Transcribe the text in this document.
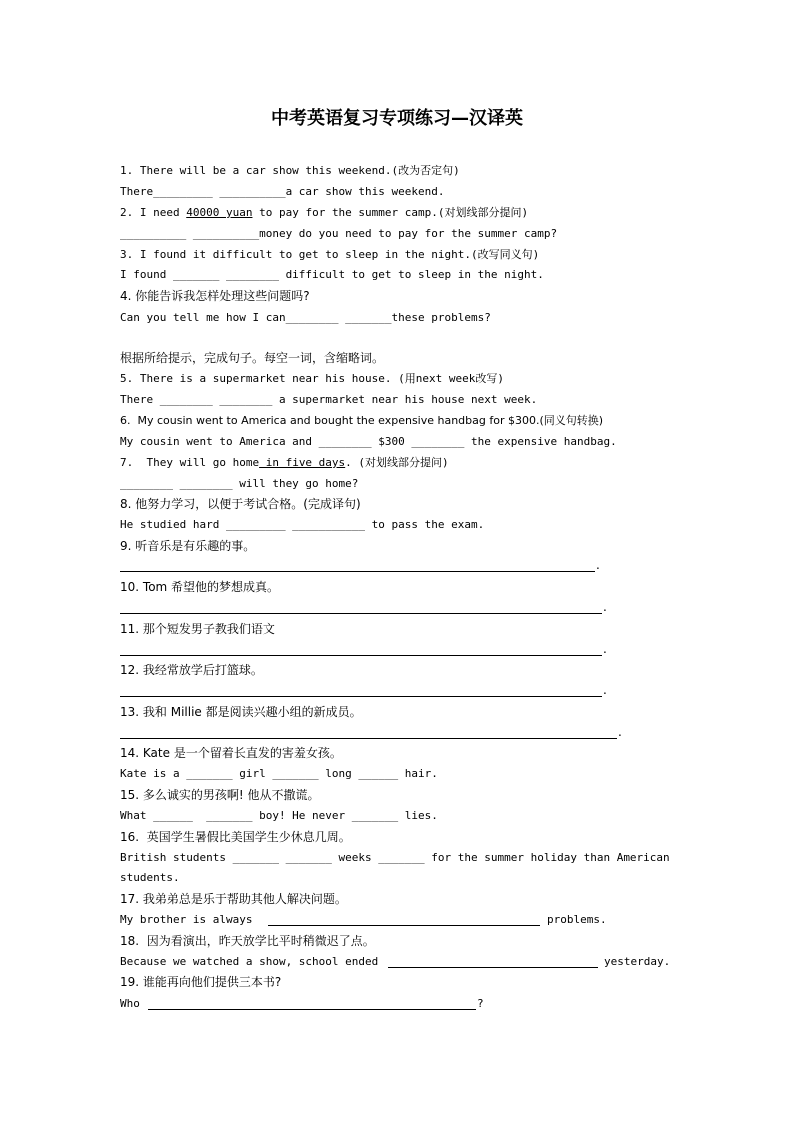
中考英语复习专项练习—汉译英
1. There will be a car show this weekend.(改为否定句)
There_________ __________a car show this weekend.
2. I need 40000 yuan to pay for the summer camp.(对划线部分提问)
__________ __________money do you need to pay for the summer camp?
3. I found it difficult to get to sleep in the night.(改写同义句)
I found _______ ________ difficult to get to sleep in the night.
4. 你能告诉我怎样处理这些问题吗?
Can you tell me how I can________ _______these problems?
根据所给提示，完成句子。每空一词，含缩略词。
5. There is a supermarket near his house. (用next week改写)
There ________ ________ a supermarket near his house next week.
6.  My cousin went to America and bought the expensive handbag for $300.(同义句转换)
My cousin went to America and ________ $300 ________ the expensive handbag.
7.  They will go home in five days. (对划线部分提问)
________ ________ will they go home?
8. 他努力学习，以便于考试合格。(完成译句)
He studied hard _________ ___________ to pass the exam.
9. 听音乐是有乐趣的事。
.
10. Tom 希望他的梦想成真。
.
11. 那个短发男子教我们语文
.
12. 我经常放学后打篮球。
.
13. 我和 Millie 都是阅读兴趣小组的新成员。
.
14. Kate 是一个留着长直发的害羞女孩。
Kate is a _______ girl _______ long ______ hair.
15. 多么诚实的男孩啊! 他从不撒谎。
What ______  _______ boy! He never _______ lies.
16.  英国学生暑假比美国学生少休息几周。
British students _______ _______ weeks _______ for the summer holiday than American
students.
17. 我弟弟总是乐于帮助其他人解决问题。
My brother is always	problems.
18.  因为看演出，昨天放学比平时稍微迟了点。
Because we watched a show, school ended	yesterday.
19. 谁能再向他们提供三本书?
Who	?
